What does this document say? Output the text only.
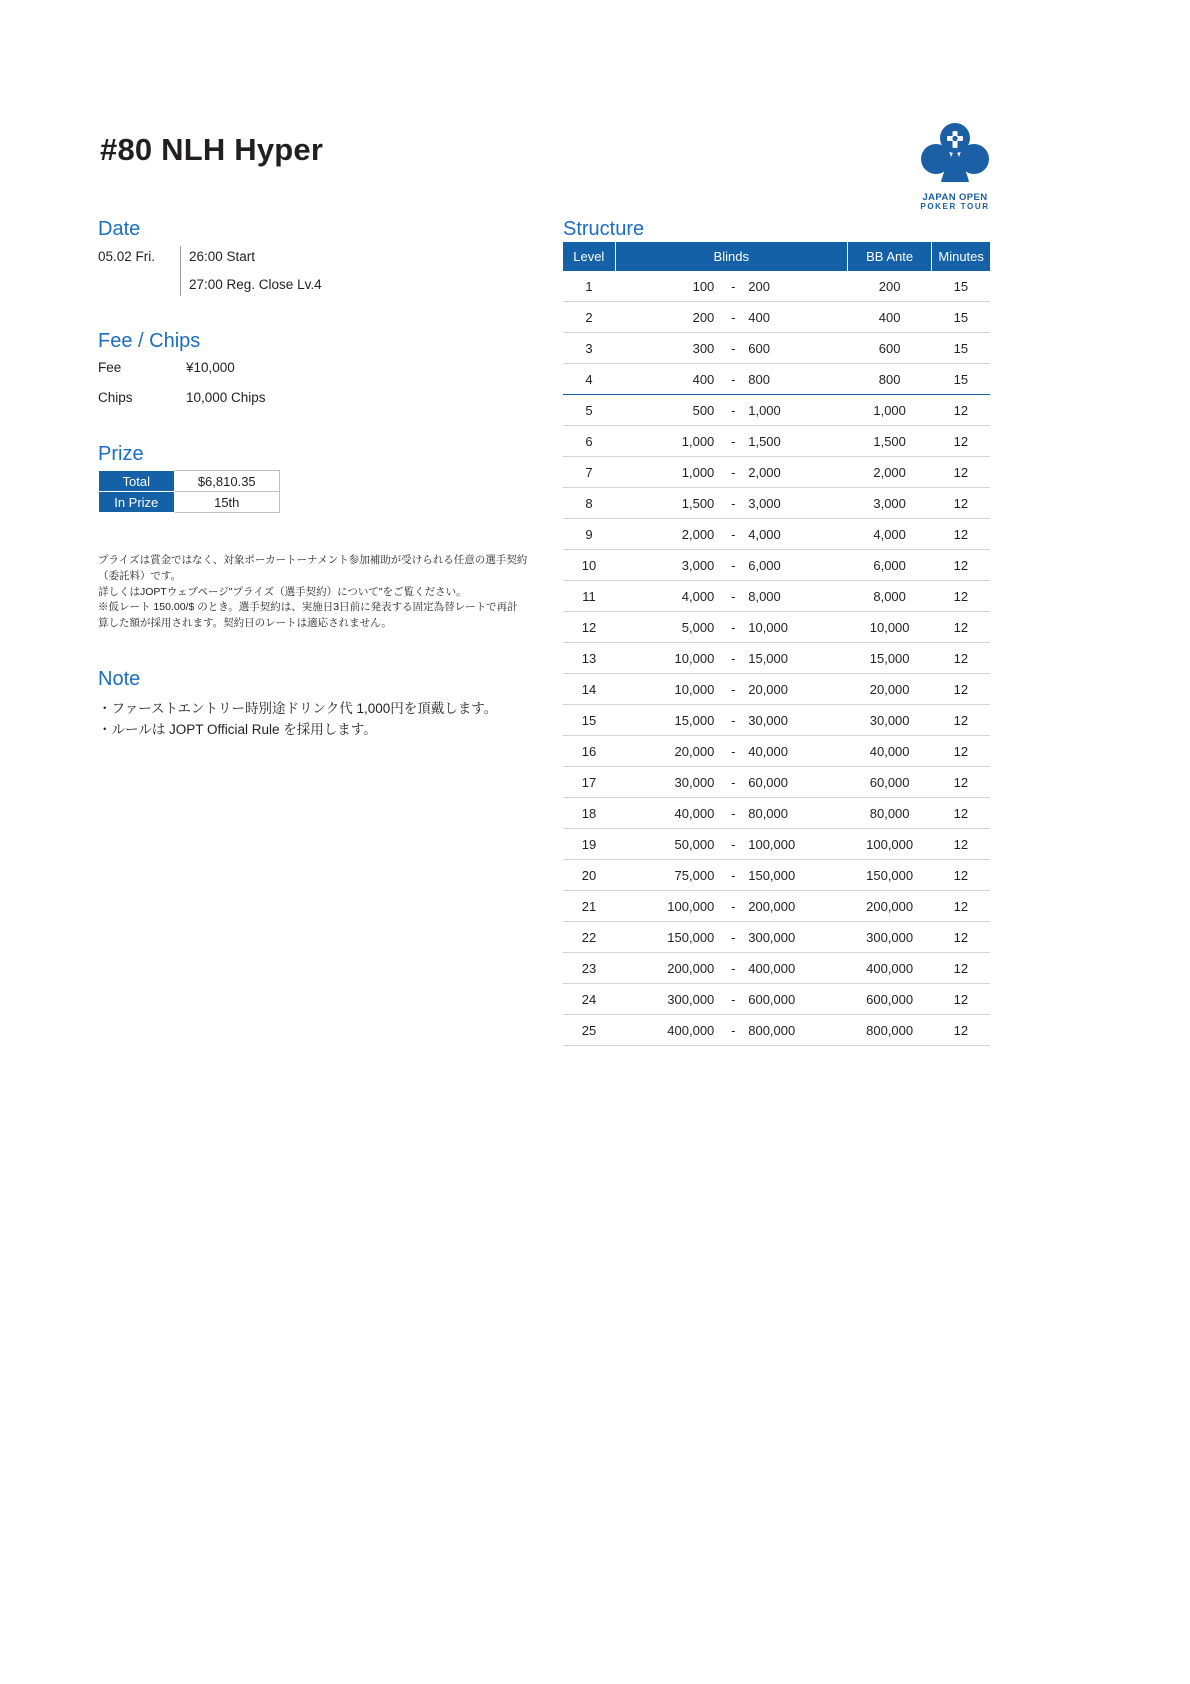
#80 NLH Hyper
JAPAN OPEN
POKER TOUR
Date
05.02 Fri.	26:00 Start
27:00 Reg. Close Lv.4
Fee / Chips
Fee	¥10,000
Chips	10,000 Chips
Prize
Total	$6,810.35
In Prize	15th
プライズは賞金ではなく、対象ポーカートーナメント参加補助が受けられる任意の選手契約
（委託料）です。
詳しくはJOPTウェブページ"プライズ（選手契約）について"をご覧ください。
※仮レート 150.00/$ のとき。選手契約は、実施日3日前に発表する固定為替レートで再計
算した額が採用されます。契約日のレートは適応されません。
Note
・ファーストエントリー時別途ドリンク代 1,000円を頂戴します。
・ルールは JOPT Official Rule を採用します。
Structure
Level	Blinds			BB Ante	Minutes
1	100	-	200	200	15
2	200	-	400	400	15
3	300	-	600	600	15
4	400	-	800	800	15
5	500	-	1,000	1,000	12
6	1,000	-	1,500	1,500	12
7	1,000	-	2,000	2,000	12
8	1,500	-	3,000	3,000	12
9	2,000	-	4,000	4,000	12
10	3,000	-	6,000	6,000	12
11	4,000	-	8,000	8,000	12
12	5,000	-	10,000	10,000	12
13	10,000	-	15,000	15,000	12
14	10,000	-	20,000	20,000	12
15	15,000	-	30,000	30,000	12
16	20,000	-	40,000	40,000	12
17	30,000	-	60,000	60,000	12
18	40,000	-	80,000	80,000	12
19	50,000	-	100,000	100,000	12
20	75,000	-	150,000	150,000	12
21	100,000	-	200,000	200,000	12
22	150,000	-	300,000	300,000	12
23	200,000	-	400,000	400,000	12
24	300,000	-	600,000	600,000	12
25	400,000	-	800,000	800,000	12
